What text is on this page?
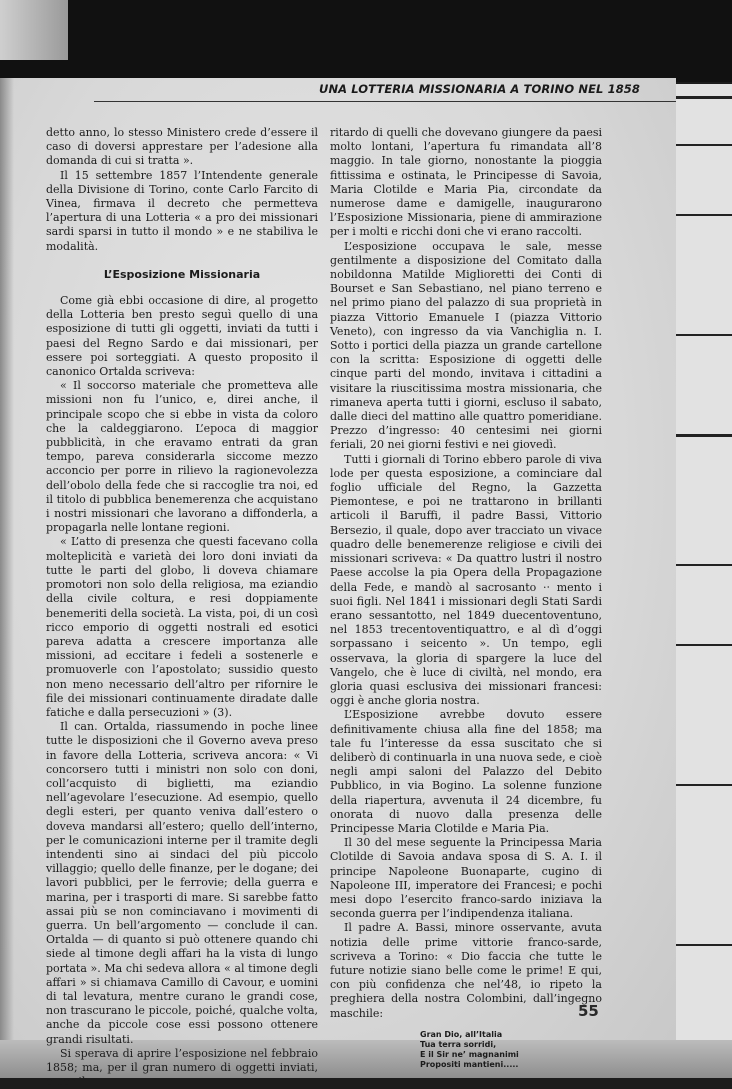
UNA LOTTERIA MISSIONARIA A TORINO NEL 1858

detto anno, lo stesso Ministero crede d’essere il caso di doversi apprestare per l’adesione alla domanda di cui si tratta ».

Il 15 settembre 1857 l’Intendente generale della Divisione di Torino, conte Carlo Farcito di Vinea, firmava il decreto che permetteva l’apertura di una Lotteria « a pro dei missionari sardi sparsi in tutto il mondo » e ne stabiliva le modalità.

L’Esposizione Missionaria

Come già ebbi occasione di dire, al progetto della Lotteria ben presto seguì quello di una esposizione di tutti gli oggetti, inviati da tutti i paesi del Regno Sardo e dai missionari, per essere poi sorteggiati. A questo proposito il canonico Ortalda scriveva:

« Il soccorso materiale che prometteva alle missioni non fu l’unico, e, direi anche, il principale scopo che si ebbe in vista da coloro che la caldeggiarono. L’epoca di maggior pubblicità, in che eravamo entrati da gran tempo, pareva considerarla siccome mezzo acconcio per porre in rilievo la ragionevolezza dell’obolo della fede che si raccoglie tra noi, ed il titolo di pubblica benemerenza che acquistano i nostri missionari che lavorano a diffonderla, a propagarla nelle lontane regioni.

« L’atto di presenza che questi facevano colla molteplicità e varietà dei loro doni inviati da tutte le parti del globo, li doveva chiamare promotori non solo della religiosa, ma eziandio della civile coltura, e resi doppiamente benemeriti della società. La vista, poi, di un così ricco emporio di oggetti nostrali ed esotici pareva adatta a crescere importanza alle missioni, ad eccitare i fedeli a sostenerle e promuoverle con l’apostolato; sussidio questo non meno necessario dell’altro per rifornire le file dei missionari continuamente diradate dalle fatiche e dalla persecuzioni » (3).

Il can. Ortalda, riassumendo in poche linee tutte le disposizioni che il Governo aveva preso in favore della Lotteria, scriveva ancora: « Vi concorsero tutti i ministri non solo con doni, coll’acquisto di biglietti, ma eziandio nell’agevolare l’esecuzione. Ad esempio, quello degli esteri, per quanto veniva dall’estero o doveva mandarsi all’estero; quello dell’interno, per le comunicazioni interne per il tramite degli intendenti sino ai sindaci del più piccolo villaggio; quello delle finanze, per le dogane; dei lavori pubblici, per le ferrovie; della guerra e marina, per i trasporti di mare. Si sarebbe fatto assai più se non cominciavano i movimenti di guerra. Un bell’argomento — conclude il can. Ortalda — di quanto si può ottenere quando chi siede al timone degli affari ha la vista di lungo portata ». Ma chi sedeva allora « al timone degli affari » si chiamava Camillo di Cavour, e uomini di tal levatura, mentre curano le grandi cose, non trascurano le piccole, poiché, qualche volta, anche da piccole cose essi possono ottenere grandi risultati.

Si sperava di aprire l’esposizione nel febbraio 1858; ma, per il gran numero di oggetti inviati, e per il

ritardo di quelli che dovevano giungere da paesi molto lontani, l’apertura fu rimandata all’8 maggio. In tale giorno, nonostante la pioggia fittissima e ostinata, le Principesse di Savoia, Maria Clotilde e Maria Pia, circondate da numerose dame e damigelle, inaugurarono l’Esposizione Missionaria, piene di ammirazione per i molti e ricchi doni che vi erano raccolti.

L’esposizione occupava le sale, messe gentilmente a disposizione del Comitato dalla nobildonna Matilde Miglioretti dei Conti di Bourset e San Sebastiano, nel piano terreno e nel primo piano del palazzo di sua proprietà in piazza Vittorio Emanuele I (piazza Vittorio Veneto), con ingresso da via Vanchiglia n. I. Sotto i portici della piazza un grande cartellone con la scritta: Esposizione di oggetti delle cinque parti del mondo, invitava i cittadini a visitare la riuscitissima mostra missionaria, che rimaneva aperta tutti i giorni, escluso il sabato, dalle dieci del mattino alle quattro pomeridiane. Prezzo d’ingresso: 40 centesimi nei giorni feriali, 20 nei giorni festivi e nei giovedì.

Tutti i giornali di Torino ebbero parole di viva lode per questa esposizione, a cominciare dal foglio ufficiale del Regno, la Gazzetta Piemontese, e poi ne trattarono in brillanti articoli il Baruffi, il padre Bassi, Vittorio Bersezio, il quale, dopo aver tracciato un vivace quadro delle benemerenze religiose e civili dei missionari scriveva: « Da quattro lustri il nostro Paese accolse la pia Opera della Propagazione della Fede, e mandò al sacrosanto ·‧ mento i suoi figli. Nel 1841 i missionari degli Stati Sardi erano sessantotto, nel 1849 duecentoventuno, nel 1853 trecentoventiquattro, e al dì d’oggi sorpassano i seicento ». Un tempo, egli osservava, la gloria di spargere la luce del Vangelo, che è luce di civiltà, nel mondo, era gloria quasi esclusiva dei missionari francesi: oggi è anche gloria nostra.

L’Esposizione avrebbe dovuto essere definitivamente chiusa alla fine del 1858; ma tale fu l’interesse da essa suscitato che si deliberò di continuarla in una nuova sede, e cioè negli ampi saloni del Palazzo del Debito Pubblico, in via Bogino. La solenne funzione della riapertura, avvenuta il 24 dicembre, fu onorata di nuovo dalla presenza delle Principesse Maria Clotilde e Maria Pia.

Il 30 del mese seguente la Principessa Maria Clotilde di Savoia andava sposa di S. A. I. il principe Napoleone Buonaparte, cugino di Napoleone III, imperatore dei Francesi; e pochi mesi dopo l’esercito franco-sardo iniziava la seconda guerra per l’indipendenza italiana.

Il padre A. Bassi, minore osservante, avuta notizia delle prime vittorie franco-sarde, scriveva a Torino: « Dio faccia che tutte le future notizie siano belle come le prime! E qui, con più confidenza che nel’48, io ripeto la preghiera della nostra Colombini, dall’ingegno maschile:

Gran Dio, all’Italia
Tua terra sorridi,
E il Sir ne’ magnanimi
Propositi mantieni.....
55
